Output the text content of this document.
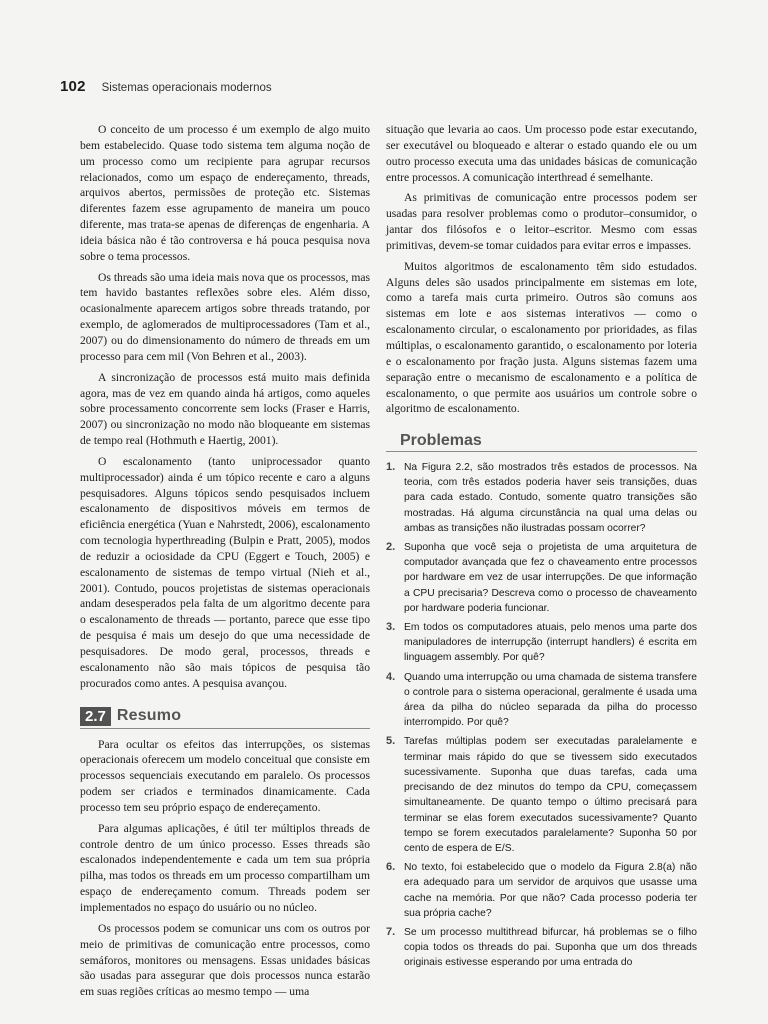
102 Sistemas operacionais modernos

O conceito de um processo é um exemplo de algo muito bem estabelecido. Quase todo sistema tem alguma noção de um processo como um recipiente para agrupar recursos relacionados, como um espaço de endereçamento, threads, arquivos abertos, permissões de proteção etc. Sistemas diferentes fazem esse agrupamento de maneira um pouco diferente, mas trata-se apenas de diferenças de engenharia. A ideia básica não é tão controversa e há pouca pesquisa nova sobre o tema processos.

Os threads são uma ideia mais nova que os processos, mas tem havido bastantes reflexões sobre eles. Além disso, ocasionalmente aparecem artigos sobre threads tratando, por exemplo, de aglomerados de multiprocessadores (Tam et al., 2007) ou do dimensionamento do número de threads em um processo para cem mil (Von Behren et al., 2003).

A sincronização de processos está muito mais definida agora, mas de vez em quando ainda há artigos, como aqueles sobre processamento concorrente sem locks (Fraser e Harris, 2007) ou sincronização no modo não bloqueante em sistemas de tempo real (Hothmuth e Haertig, 2001).

O escalonamento (tanto uniprocessador quanto multiprocessador) ainda é um tópico recente e caro a alguns pesquisadores. Alguns tópicos sendo pesquisados incluem escalonamento de dispositivos móveis em termos de eficiência energética (Yuan e Nahrstedt, 2006), escalonamento com tecnologia hyperthreading (Bulpin e Pratt, 2005), modos de reduzir a ociosidade da CPU (Eggert e Touch, 2005) e escalonamento de sistemas de tempo virtual (Nieh et al., 2001). Contudo, poucos projetistas de sistemas operacionais andam desesperados pela falta de um algoritmo decente para o escalonamento de threads — portanto, parece que esse tipo de pesquisa é mais um desejo do que uma necessidade de pesquisadores. De modo geral, processos, threads e escalonamento não são mais tópicos de pesquisa tão procurados como antes. A pesquisa avançou.

2.7 Resumo

Para ocultar os efeitos das interrupções, os sistemas operacionais oferecem um modelo conceitual que consiste em processos sequenciais executando em paralelo. Os processos podem ser criados e terminados dinamicamente. Cada processo tem seu próprio espaço de endereçamento.

Para algumas aplicações, é útil ter múltiplos threads de controle dentro de um único processo. Esses threads são escalonados independentemente e cada um tem sua própria pilha, mas todos os threads em um processo compartilham um espaço de endereçamento comum. Threads podem ser implementados no espaço do usuário ou no núcleo.

Os processos podem se comunicar uns com os outros por meio de primitivas de comunicação entre processos, como semáforos, monitores ou mensagens. Essas unidades básicas são usadas para assegurar que dois processos nunca estarão em suas regiões críticas ao mesmo tempo — uma

situação que levaria ao caos. Um processo pode estar executando, ser executável ou bloqueado e alterar o estado quando ele ou um outro processo executa uma das unidades básicas de comunicação entre processos. A comunicação interthread é semelhante.

As primitivas de comunicação entre processos podem ser usadas para resolver problemas como o produtor–consumidor, o jantar dos filósofos e o leitor–escritor. Mesmo com essas primitivas, devem-se tomar cuidados para evitar erros e impasses.

Muitos algoritmos de escalonamento têm sido estudados. Alguns deles são usados principalmente em sistemas em lote, como a tarefa mais curta primeiro. Outros são comuns aos sistemas em lote e aos sistemas interativos — como o escalonamento circular, o escalonamento por prioridades, as filas múltiplas, o escalonamento garantido, o escalonamento por loteria e o escalonamento por fração justa. Alguns sistemas fazem uma separação entre o mecanismo de escalonamento e a política de escalonamento, o que permite aos usuários um controle sobre o algoritmo de escalonamento.

Problemas
1. Na Figura 2.2, são mostrados três estados de processos. Na teoria, com três estados poderia haver seis transições, duas para cada estado. Contudo, somente quatro transições são mostradas. Há alguma circunstância na qual uma delas ou ambas as transições não ilustradas possam ocorrer?
2. Suponha que você seja o projetista de uma arquitetura de computador avançada que fez o chaveamento entre processos por hardware em vez de usar interrupções. De que informação a CPU precisaria? Descreva como o processo de chaveamento por hardware poderia funcionar.
3. Em todos os computadores atuais, pelo menos uma parte dos manipuladores de interrupção (interrupt handlers) é escrita em linguagem assembly. Por quê?
4. Quando uma interrupção ou uma chamada de sistema transfere o controle para o sistema operacional, geralmente é usada uma área da pilha do núcleo separada da pilha do processo interrompido. Por quê?
5. Tarefas múltiplas podem ser executadas paralelamente e terminar mais rápido do que se tivessem sido executados sucessivamente. Suponha que duas tarefas, cada uma precisando de dez minutos do tempo da CPU, começassem simultaneamente. De quanto tempo o último precisará para terminar se elas forem executados sucessivamente? Quanto tempo se forem executados paralelamente? Suponha 50 por cento de espera de E/S.
6. No texto, foi estabelecido que o modelo da Figura 2.8(a) não era adequado para um servidor de arquivos que usasse uma cache na memória. Por que não? Cada processo poderia ter sua própria cache?
7. Se um processo multithread bifurcar, há problemas se o filho copia todos os threads do pai. Suponha que um dos threads originais estivesse esperando por uma entrada do
